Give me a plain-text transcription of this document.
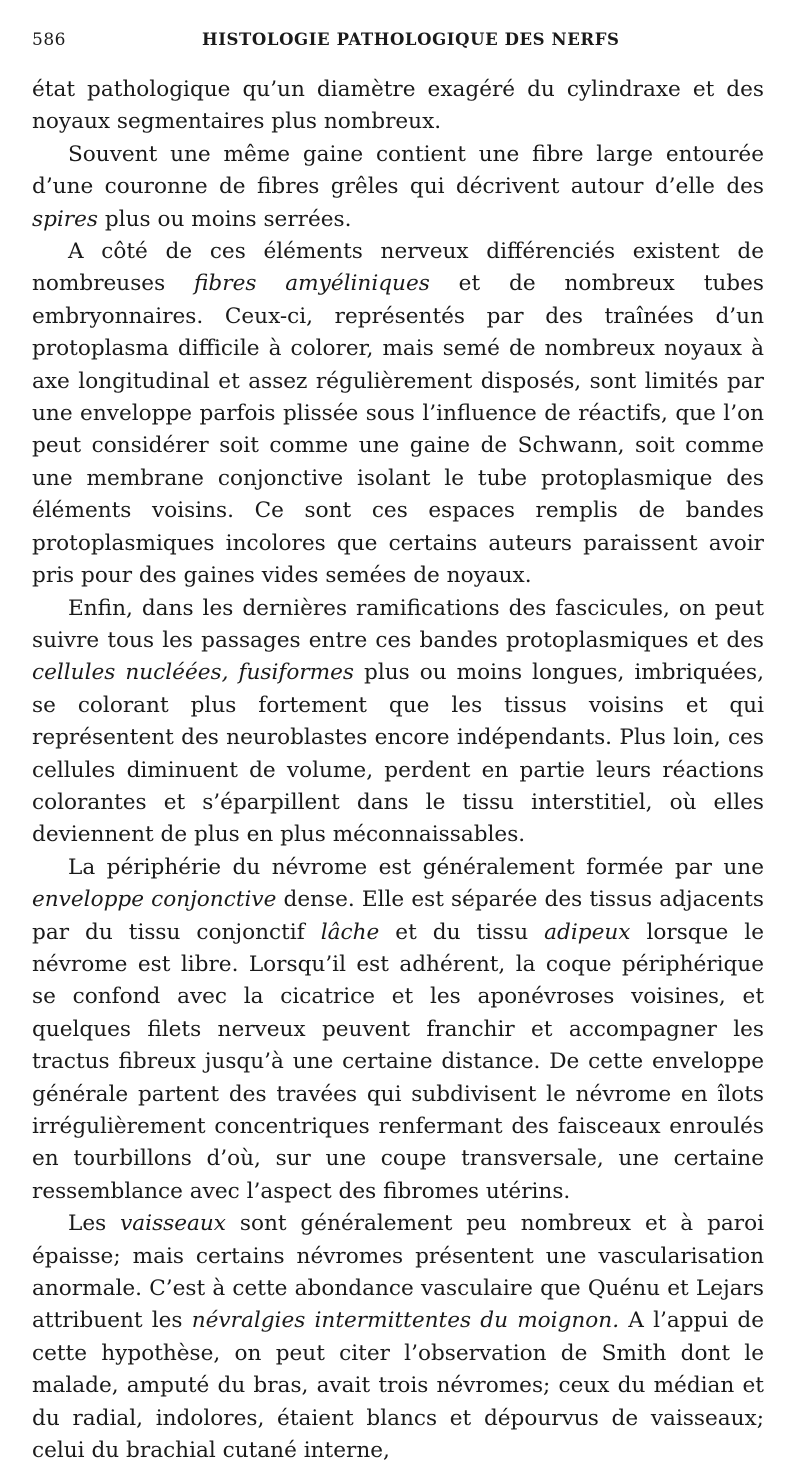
586	HISTOLOGIE PATHOLOGIQUE DES NERFS

état pathologique qu’un diamètre exagéré du cylindraxe et des noyaux segmentaires plus nombreux.

Souvent une même gaine contient une fibre large entourée d’une couronne de fibres grêles qui décrivent autour d’elle des spires plus ou moins serrées.

A côté de ces éléments nerveux différenciés existent de nombreuses fibres amyéliniques et de nombreux tubes embryonnaires. Ceux-ci, représentés par des traînées d’un protoplasma difficile à colorer, mais semé de nombreux noyaux à axe longitudinal et assez régulièrement disposés, sont limités par une enveloppe parfois plissée sous l’influence de réactifs, que l’on peut considérer soit comme une gaine de Schwann, soit comme une membrane conjonctive isolant le tube protoplasmique des éléments voisins. Ce sont ces espaces remplis de bandes protoplasmiques incolores que certains auteurs paraissent avoir pris pour des gaines vides semées de noyaux.

Enfin, dans les dernières ramifications des fascicules, on peut suivre tous les passages entre ces bandes protoplasmiques et des cellules nucléées, fusiformes plus ou moins longues, imbriquées, se colorant plus fortement que les tissus voisins et qui représentent des neuroblastes encore indépendants. Plus loin, ces cellules diminuent de volume, perdent en partie leurs réactions colorantes et s’éparpillent dans le tissu interstitiel, où elles deviennent de plus en plus méconnaissables.

La périphérie du névrome est généralement formée par une enveloppe conjonctive dense. Elle est séparée des tissus adjacents par du tissu conjonctif lâche et du tissu adipeux lorsque le névrome est libre. Lorsqu’il est adhérent, la coque périphérique se confond avec la cicatrice et les aponévroses voisines, et quelques filets nerveux peuvent franchir et accompagner les tractus fibreux jusqu’à une certaine distance. De cette enveloppe générale partent des travées qui subdivisent le névrome en îlots irrégulièrement concentriques renfermant des faisceaux enroulés en tourbillons d’où, sur une coupe transversale, une certaine ressemblance avec l’aspect des fibromes utérins.

Les vaisseaux sont généralement peu nombreux et à paroi épaisse; mais certains névromes présentent une vascularisation anormale. C’est à cette abondance vasculaire que Quénu et Lejars attribuent les névralgies intermittentes du moignon. A l’appui de cette hypothèse, on peut citer l’observation de Smith dont le malade, amputé du bras, avait trois névromes; ceux du médian et du radial, indolores, étaient blancs et dépourvus de vaisseaux; celui du brachial cutané interne,
